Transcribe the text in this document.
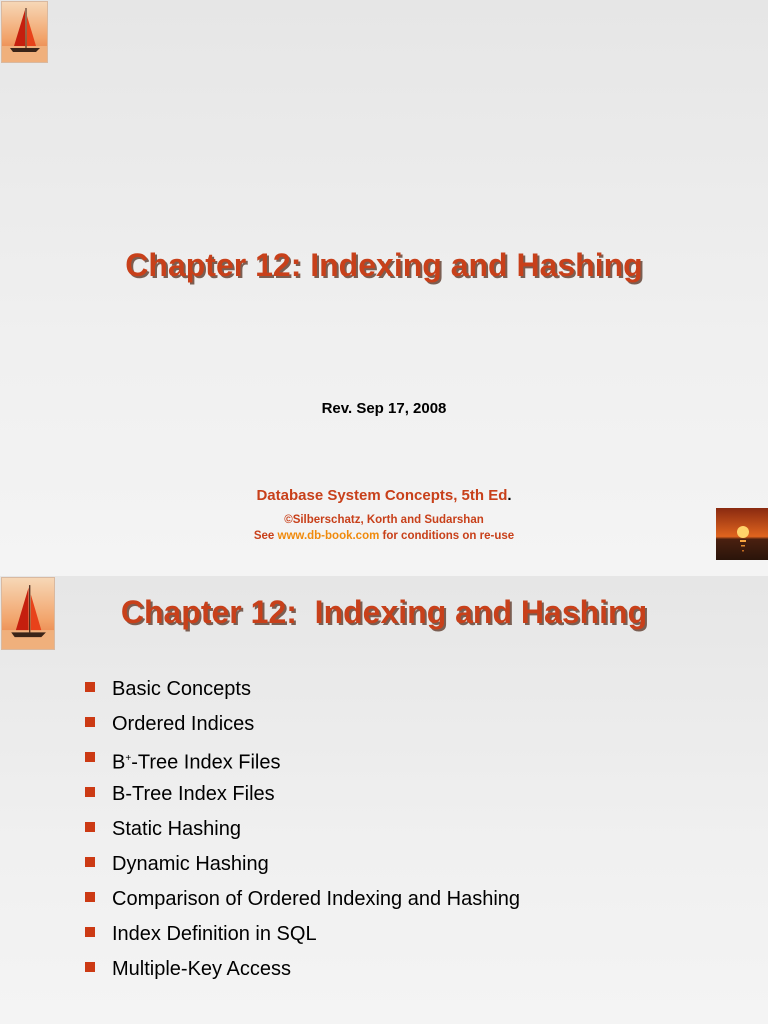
Chapter 12: Indexing and Hashing
Rev. Sep 17, 2008
Database System Concepts, 5th Ed.
©Silberschatz, Korth and Sudarshan
See www.db-book.com for conditions on re-use
Chapter 12:  Indexing and Hashing
Basic Concepts
Ordered Indices
B+-Tree Index Files
B-Tree Index Files
Static Hashing
Dynamic Hashing
Comparison of Ordered Indexing and Hashing
Index Definition in SQL
Multiple-Key Access
